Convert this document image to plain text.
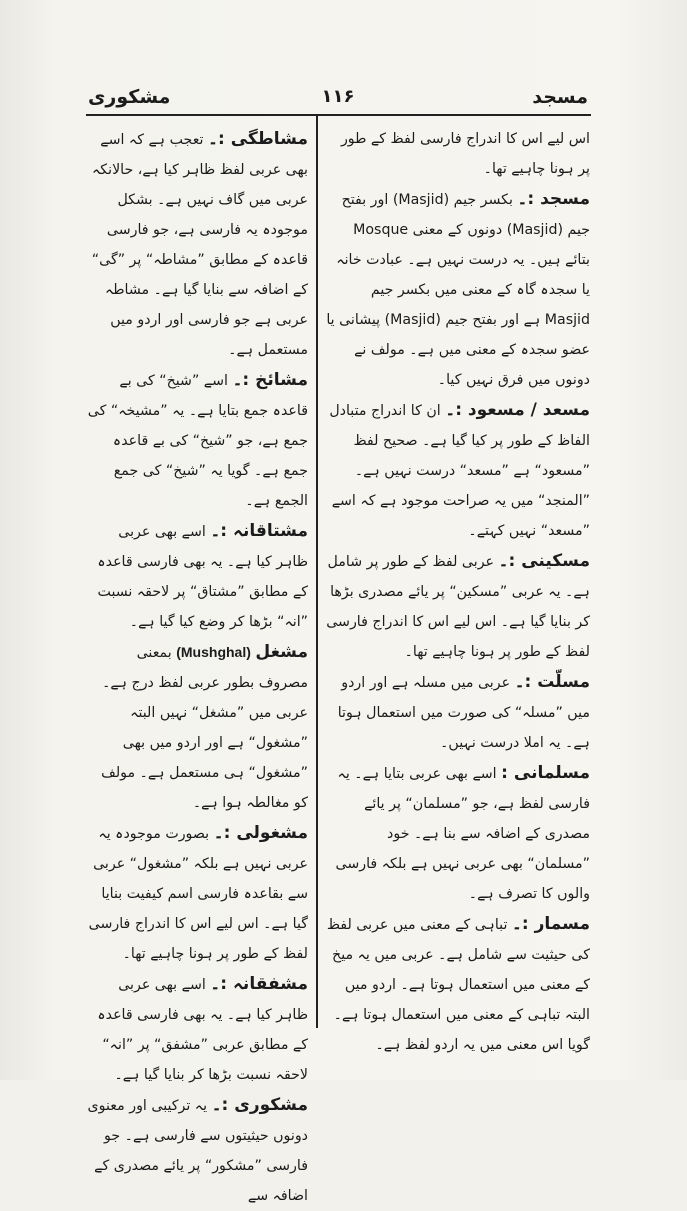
مسجد
۱۱۶
مشکوری

اس لیے اس کا اندراج فارسی لفظ کے طور پر ہونا چاہیے تھا۔

مسجد :۔ بکسر جیم (Masjid) اور بفتح جیم (Masjid) دونوں کے معنی Mosque بتائے ہیں۔ یہ درست نہیں ہے۔ عبادت خانہ یا سجدہ گاہ کے معنی میں بکسر جیم Masjid ہے اور بفتح جیم (Masjid) پیشانی یا عضو سجدہ کے معنی میں ہے۔ مولف نے دونوں میں فرق نہیں کیا۔

مسعد / مسعود :۔ ان کا اندراج متبادل الفاظ کے طور پر کیا گیا ہے۔ صحیح لفظ ”مسعود“ ہے ”مسعد“ درست نہیں ہے۔ ”المنجد“ میں یہ صراحت موجود ہے کہ اسے ”مسعد“ نہیں کہتے۔

مسکینی :۔ عربی لفظ کے طور پر شامل ہے۔ یہ عربی ”مسکین“ پر یائے مصدری بڑھا کر بنایا گیا ہے۔ اس لیے اس کا اندراج فارسی لفظ کے طور پر ہونا چاہیے تھا۔

مسلّت :۔ عربی میں مسلہ ہے اور اردو میں ”مسلہ“ کی صورت میں استعمال ہوتا ہے۔ یہ املا درست نہیں۔

مسلمانی : اسے بھی عربی بتایا ہے۔ یہ فارسی لفظ ہے، جو ”مسلمان“ پر یائے مصدری کے اضافہ سے بنا ہے۔ خود ”مسلمان“ بھی عربی نہیں ہے بلکہ فارسی والوں کا تصرف ہے۔

مسمار :۔ تباہی کے معنی میں عربی لفظ کی حیثیت سے شامل ہے۔ عربی میں یہ میخ کے معنی میں استعمال ہوتا ہے۔ اردو میں البتہ تباہی کے معنی میں استعمال ہوتا ہے۔ گویا اس معنی میں یہ اردو لفظ ہے۔

مشاطگی :۔ تعجب ہے کہ اسے بھی عربی لفظ ظاہر کیا ہے، حالانکہ عربی میں گاف نہیں ہے۔ بشکل موجودہ یہ فارسی ہے، جو فارسی قاعدہ کے مطابق ”مشاطہ“ پر ”گی“ کے اضافہ سے بنایا گیا ہے۔ مشاطہ عربی ہے جو فارسی اور اردو میں مستعمل ہے۔

مشائخ :۔ اسے ”شیخ“ کی بے قاعدہ جمع بتایا ہے۔ یہ ”مشیخہ“ کی جمع ہے، جو ”شیخ“ کی بے قاعدہ جمع ہے۔ گویا یہ ”شیخ“ کی جمع الجمع ہے۔

مشتاقانہ :۔ اسے بھی عربی ظاہر کیا ہے۔ یہ بھی فارسی قاعدہ کے مطابق ”مشتاق“ پر لاحقہ نسبت ”انہ“ بڑھا کر وضع کیا گیا ہے۔

مشغل (Mushghal) بمعنی مصروف بطور عربی لفظ درج ہے۔ عربی میں ”مشغل“ نہیں البتہ ”مشغول“ ہے اور اردو میں بھی ”مشغول“ ہی مستعمل ہے۔ مولف کو مغالطہ ہوا ہے۔

مشغولی :۔ بصورت موجودہ یہ عربی نہیں ہے بلکہ ”مشغول“ عربی سے بقاعدہ فارسی اسم کیفیت بنایا گیا ہے۔ اس لیے اس کا اندراج فارسی لفظ کے طور پر ہونا چاہیے تھا۔

مشفقانہ :۔ اسے بھی عربی ظاہر کیا ہے۔ یہ بھی فارسی قاعدہ کے مطابق عربی ”مشفق“ پر ”انہ“ لاحقہ نسبت بڑھا کر بنایا گیا ہے۔

مشکوری :۔ یہ ترکیبی اور معنوی دونوں حیثیتوں سے فارسی ہے۔ جو فارسی ”مشکور“ پر یائے مصدری کے اضافہ سے
